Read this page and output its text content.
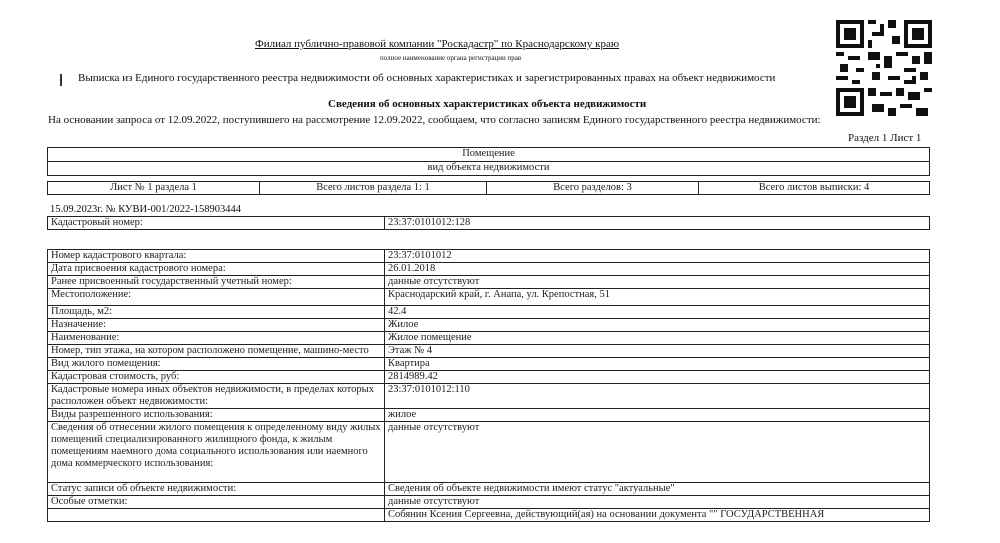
Филиал публично-правовой компании "Роскадастр" по Краснодарскому краю
полное наименование органа регистрации прав
Выписка из Единого государственного реестра недвижимости об основных характеристиках и зарегистрированных правах на объект недвижимости
Сведения об основных характеристиках объекта недвижимости
На основании запроса от 12.09.2022, поступившего на рассмотрение 12.09.2022, сообщаем, что согласно записям Единого государственного реестра недвижимости:
Раздел 1 Лист 1
Помещение
вид объекта недвижимости
Лист № 1 раздела 1	Всего листов раздела 1: 1	Всего разделов: 3	Всего листов выписки: 4
15.09.2023г. № КУВИ-001/2022-158903444
Кадастровый номер:	23:37:0101012:128
Номер кадастрового квартала:	23:37:0101012
Дата присвоения кадастрового номера:	26.01.2018
Ранее присвоенный государственный учетный номер:	данные отсутствуют
Местоположение:	Краснодарский край, г. Анапа, ул. Крепостная, 51
Площадь, м2:	42.4
Назначение:	Жилое
Наименование:	Жилое помещение
Номер, тип этажа, на котором расположено помещение, машино-место	Этаж № 4
Вид жилого помещения:	Квартира
Кадастровая стоимость, руб:	2814989.42
Кадастровые номера иных объектов недвижимости, в пределах которых расположен объект недвижимости:	23:37:0101012:110
Виды разрешенного использования:	жилое
Сведения об отнесении жилого помещения к определенному виду жилых помещений специализированного жилищного фонда, к жилым помещениям наемного дома социального использования или наемного дома коммерческого использования:	данные отсутствуют
Статус записи об объекте недвижимости:	Сведения об объекте недвижимости имеют статус "актуальные"
Особые отметки:	данные отсутствуют
	Собянин Ксения Сергеевна, действующий(ая) на основании документа "" ГОСУДАРСТВЕННАЯ
